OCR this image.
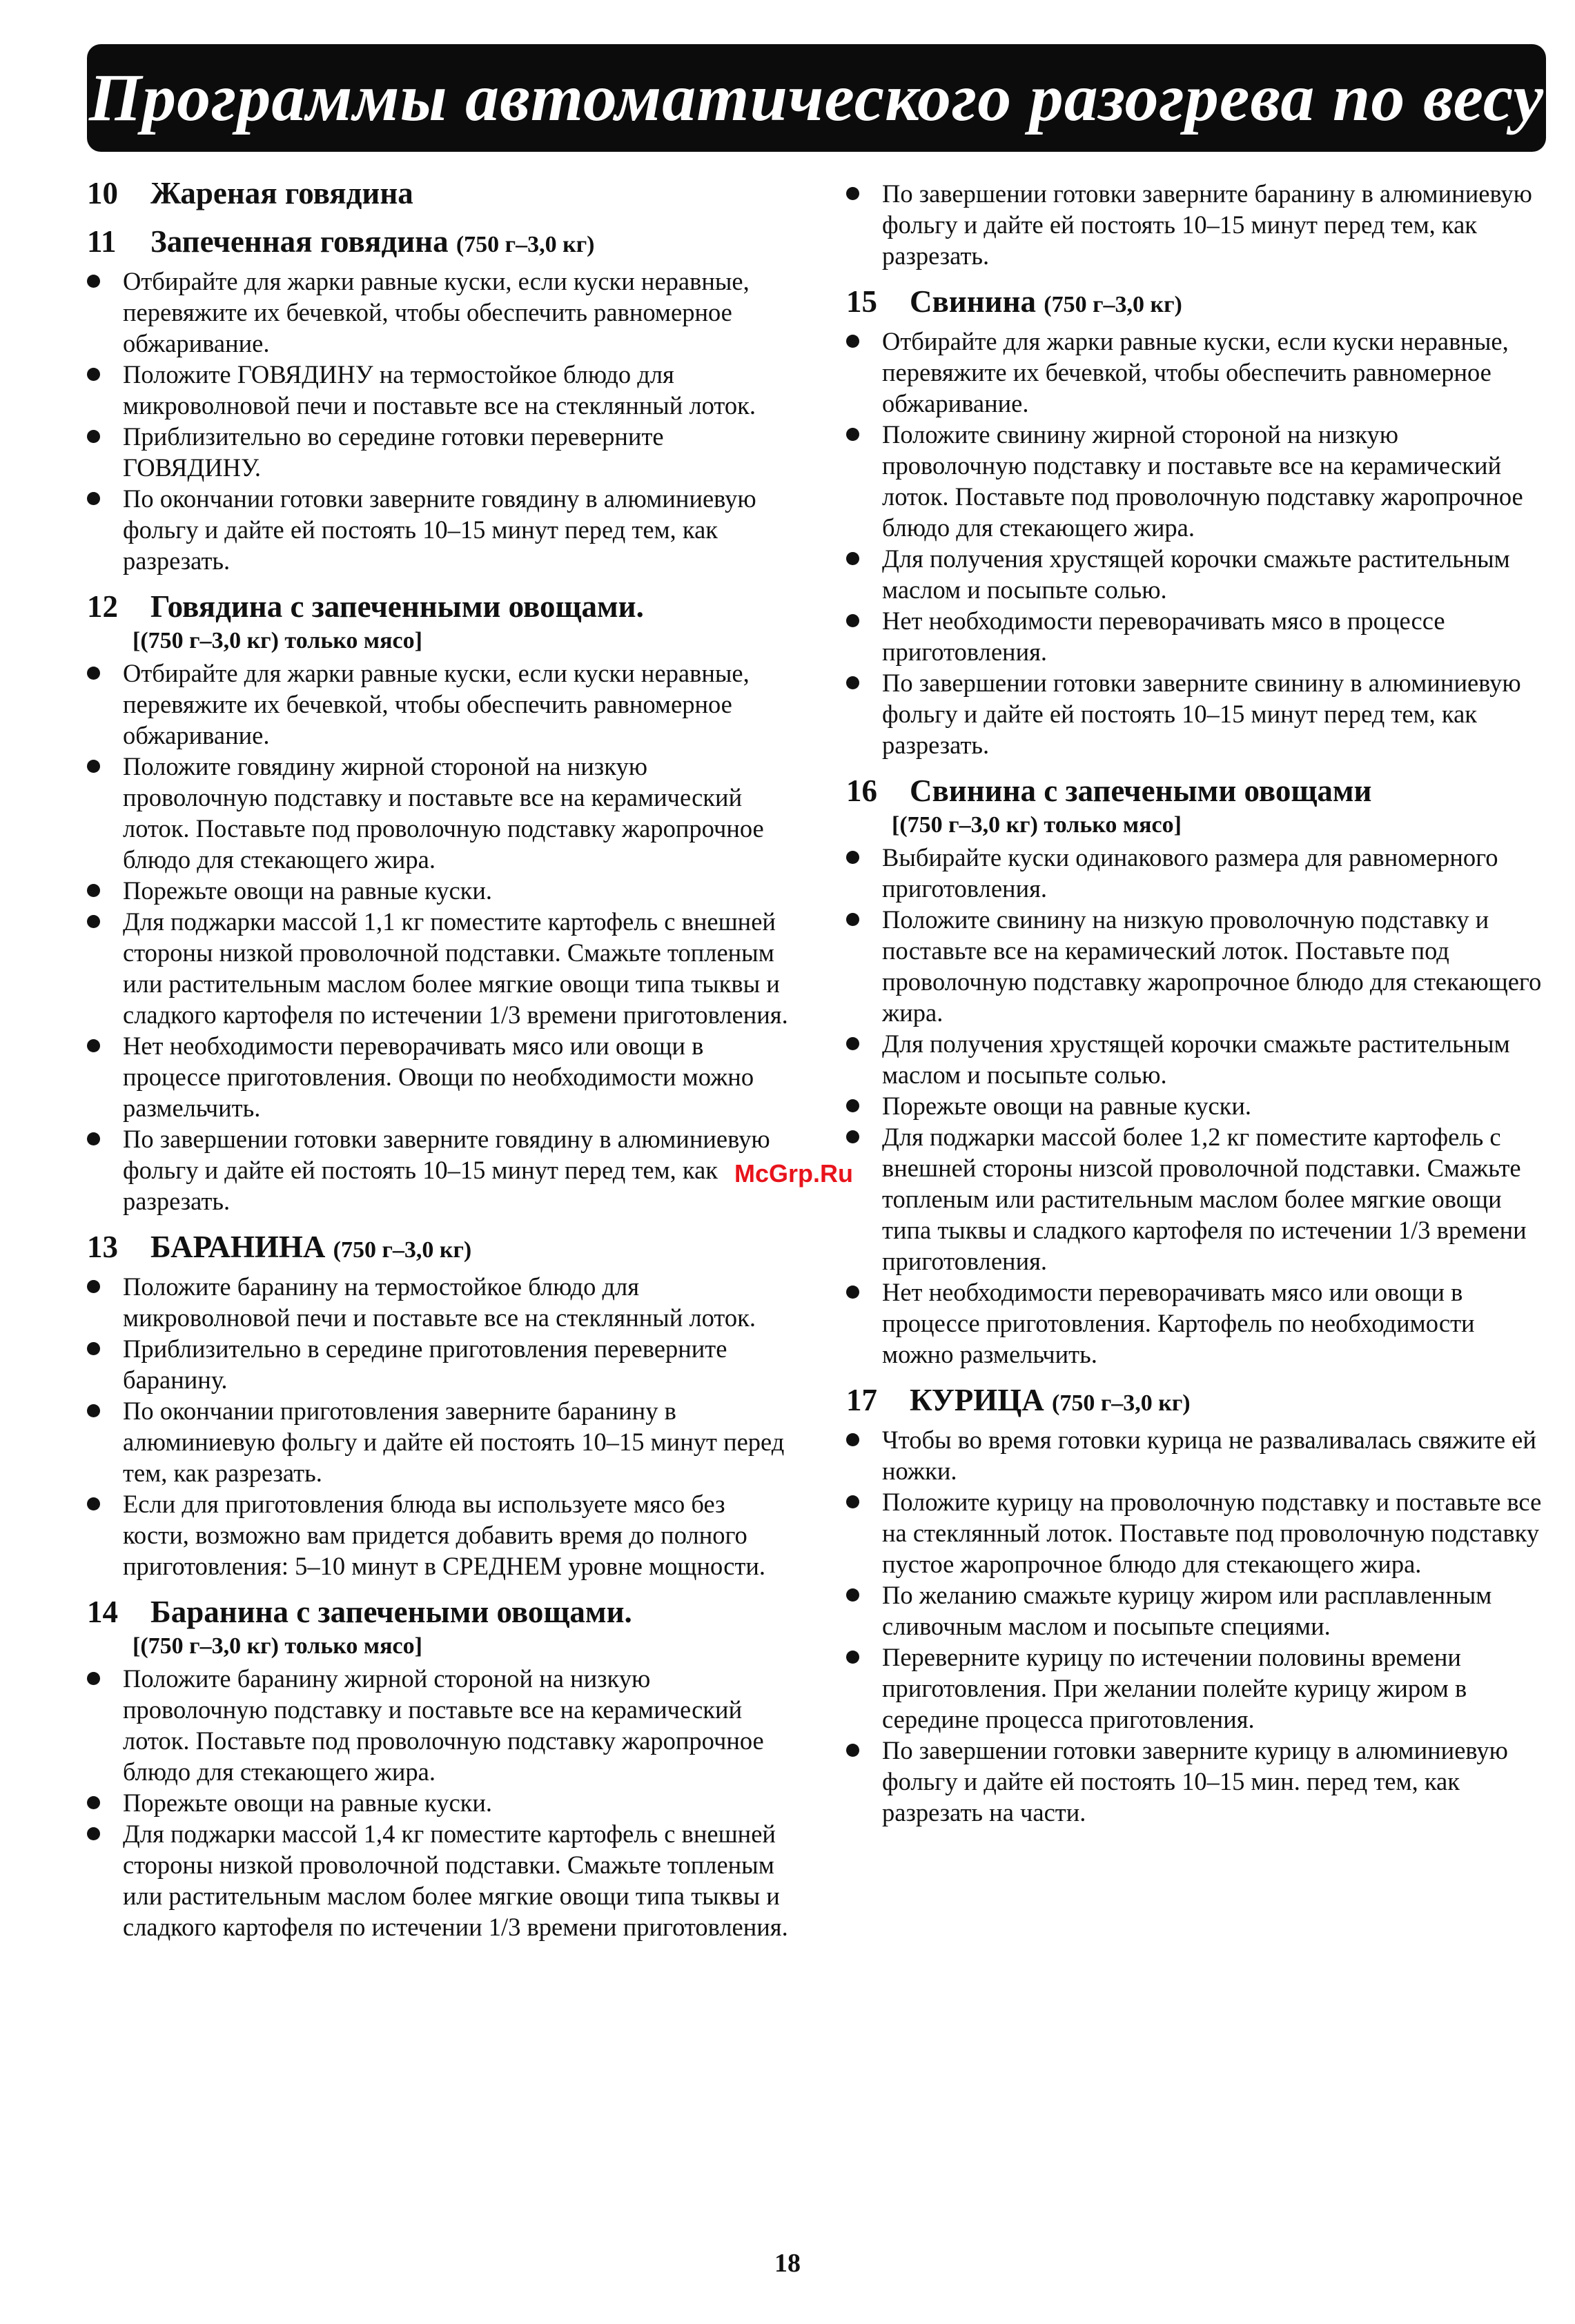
Программы автоматического разогрева по весу
10 Жареная говядина
11 Запеченная говядина (750 г–3,0 кг)
Отбирайте для жарки равные куски, если куски неравные, перевяжите их бечевкой, чтобы обеспечить равномерное обжаривание.
Положите ГОВЯДИНУ на термостойкое блюдо для микроволновой печи и поставьте все на стеклянный лоток.
Приблизительно во середине готовки переверните ГОВЯДИНУ.
По окончании готовки заверните говядину в алюминиевую фольгу и дайте ей постоять 10–15 минут перед тем, как разрезать.
12 Говядина с запеченными овощами.
[(750 г–3,0 кг) только мясо]
Отбирайте для жарки равные куски, если куски неравные, перевяжите их бечевкой, чтобы обеспечить равномерное обжаривание.
Положите говядину жирной стороной на низкую проволочную подставку и поставьте все на керамический лоток. Поставьте под проволочную подставку жаропрочное блюдо для стекающего жира.
Порежьте овощи на равные куски.
Для поджарки массой 1,1 кг поместите картофель с внешней стороны низкой проволочной подставки. Смажьте топленым или растительным маслом более мягкие овощи типа тыквы и сладкого картофеля по истечении 1/3 времени приготовления.
Нет необходимости переворачивать мясо или овощи в процессе приготовления. Овощи по необходимости можно размельчить.
По завершении готовки заверните говядину в алюминиевую фольгу и дайте ей постоять 10–15 минут перед тем, как разрезать.
13 БАРАНИНА (750 г–3,0 кг)
Положите баранину на термостойкое блюдо для микроволновой печи и поставьте все на стеклянный лоток.
Приблизительно в середине приготовления переверните баранину.
По окончании приготовления заверните баранину в алюминиевую фольгу и дайте ей постоять 10–15 минут перед тем, как разрезать.
Если для приготовления блюда вы используете мясо без кости, возможно вам придется добавить время до полного приготовления: 5–10 минут в СРЕДНЕМ уровне мощности.
14 Баранина с запечеными овощами.
[(750 г–3,0 кг) только мясо]
Положите баранину жирной стороной на низкую проволочную подставку и поставьте все на керамический лоток. Поставьте под проволочную подставку жаропрочное блюдо для стекающего жира.
Порежьте овощи на равные куски.
Для поджарки массой 1,4 кг поместите картофель с внешней стороны низкой проволочной подставки. Смажьте топленым или растительным маслом более мягкие овощи типа тыквы и сладкого картофеля по истечении 1/3 времени приготовления.
По завершении готовки заверните баранину в алюминиевую фольгу и дайте ей постоять 10–15 минут перед тем, как разрезать.
15 Свинина (750 г–3,0 кг)
Отбирайте для жарки равные куски, если куски неравные, перевяжите их бечевкой, чтобы обеспечить равномерное обжаривание.
Положите свинину жирной стороной на низкую проволочную подставку и поставьте все на керамический лоток. Поставьте под проволочную подставку жаропрочное блюдо для стекающего жира.
Для получения хрустящей корочки смажьте растительным маслом и посыпьте солью.
Нет необходимости переворачивать мясо в процессе приготовления.
По завершении готовки заверните свинину в алюминиевую фольгу и дайте ей постоять 10–15 минут перед тем, как разрезать.
16 Свинина с запечеными овощами
[(750 г–3,0 кг) только мясо]
Выбирайте куски одинакового размера для равномерного приготовления.
Положите свинину на низкую проволочную подставку и поставьте все на керамический лоток. Поставьте под проволочную подставку жаропрочное блюдо для стекающего жира.
Для получения хрустящей корочки смажьте растительным маслом и посыпьте солью.
Порежьте овощи на равные куски.
Для поджарки массой более 1,2 кг поместите картофель с внешней стороны низсой проволочной подставки. Смажьте топленым или растительным маслом более мягкие овощи типа тыквы и сладкого картофеля по истечении 1/3 времени приготовления.
Нет необходимости переворачивать мясо или овощи в процессе приготовления. Картофель по необходимости можно размельчить.
17 КУРИЦА (750 г–3,0 кг)
Чтобы во время готовки курица не разваливалась свяжите ей ножки.
Положите курицу на проволочную подставку и поставьте все на стеклянный лоток. Поставьте под проволочную подставку пустое жаропрочное блюдо для стекающего жира.
По желанию смажьте курицу жиром или расплавленным сливочным маслом и посыпьте специями.
Переверните курицу по истечении половины времени приготовления. При желании полейте курицу жиром в середине процесса приготовления.
По завершении готовки заверните курицу в алюминиевую фольгу и дайте ей постоять 10–15 мин. перед тем, как разрезать на части.
McGrp.Ru
18
